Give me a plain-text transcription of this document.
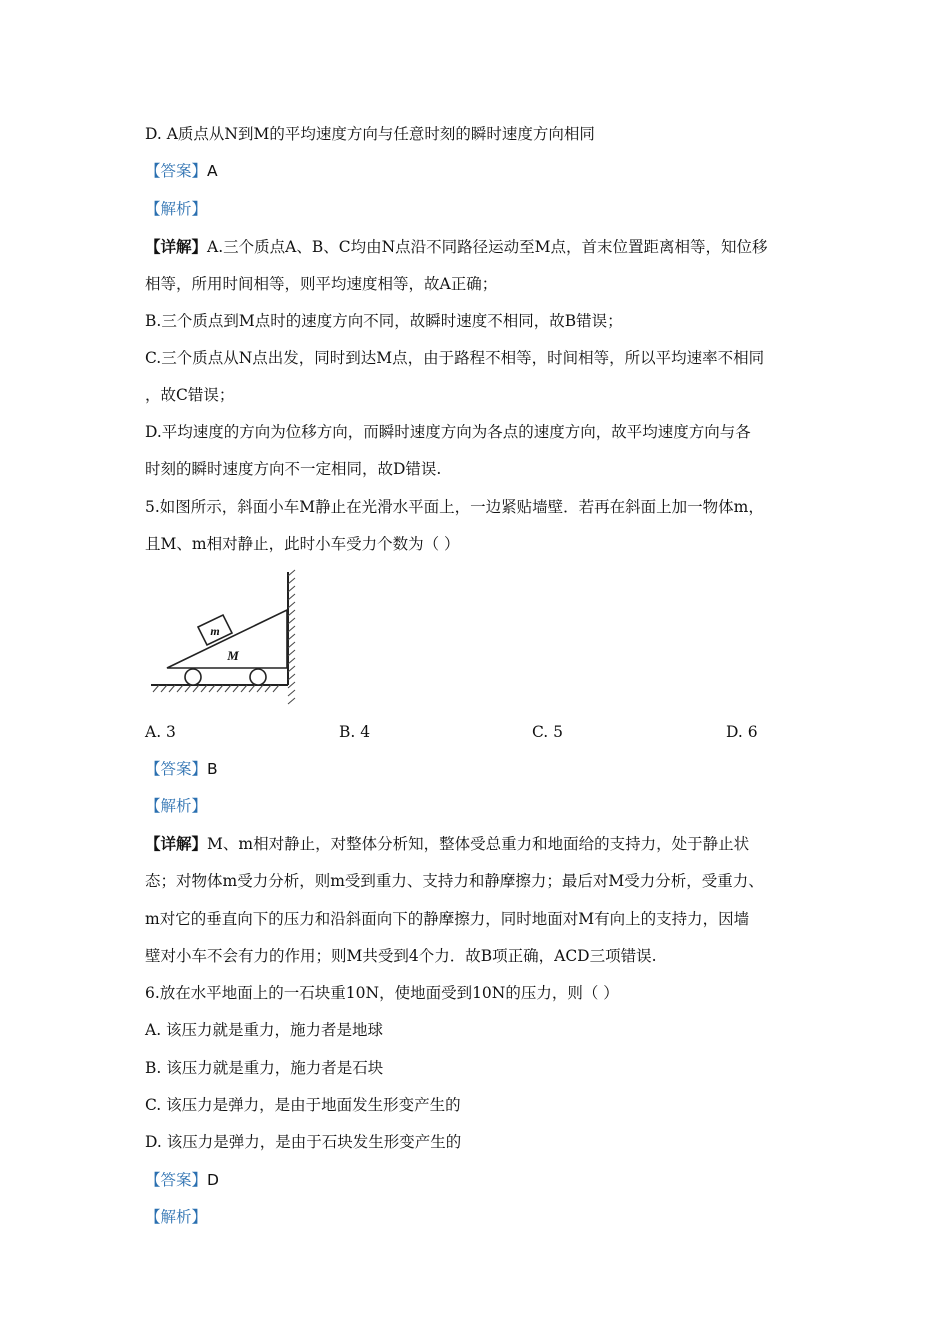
D. A质点从N到M的平均速度方向与任意时刻的瞬时速度方向相同
【答案】A
【解析】
【详解】A.三个质点A、B、C均由N点沿不同路径运动至M点，首末位置距离相等，知位移
相等，所用时间相等，则平均速度相等，故A正确；
B.三个质点到M点时的速度方向不同，故瞬时速度不相同，故B错误；
C.三个质点从N点出发，同时到达M点，由于路程不相等，时间相等，所以平均速率不相同
，故C错误；
D.平均速度的方向为位移方向，而瞬时速度方向为各点的速度方向，故平均速度方向与各
时刻的瞬时速度方向不一定相同，故D错误.
5.如图所示，斜面小车M静止在光滑水平面上，一边紧贴墙壁．若再在斜面上加一物体m，
且M、m相对静止，此时小车受力个数为（ ）
m
M
A. 3	B. 4	C. 5	D. 6
【答案】B
【解析】
【详解】M、m相对静止，对整体分析知，整体受总重力和地面给的支持力，处于静止状
态；对物体m受力分析，则m受到重力、支持力和静摩擦力；最后对M受力分析，受重力、
m对它的垂直向下的压力和沿斜面向下的静摩擦力，同时地面对M有向上的支持力，因墙
壁对小车不会有力的作用；则M共受到4个力．故B项正确，ACD三项错误.
6.放在水平地面上的一石块重10N，使地面受到10N的压力，则（ ）
A. 该压力就是重力，施力者是地球
B. 该压力就是重力，施力者是石块
C. 该压力是弹力，是由于地面发生形变产生的
D. 该压力是弹力，是由于石块发生形变产生的
【答案】D
【解析】
